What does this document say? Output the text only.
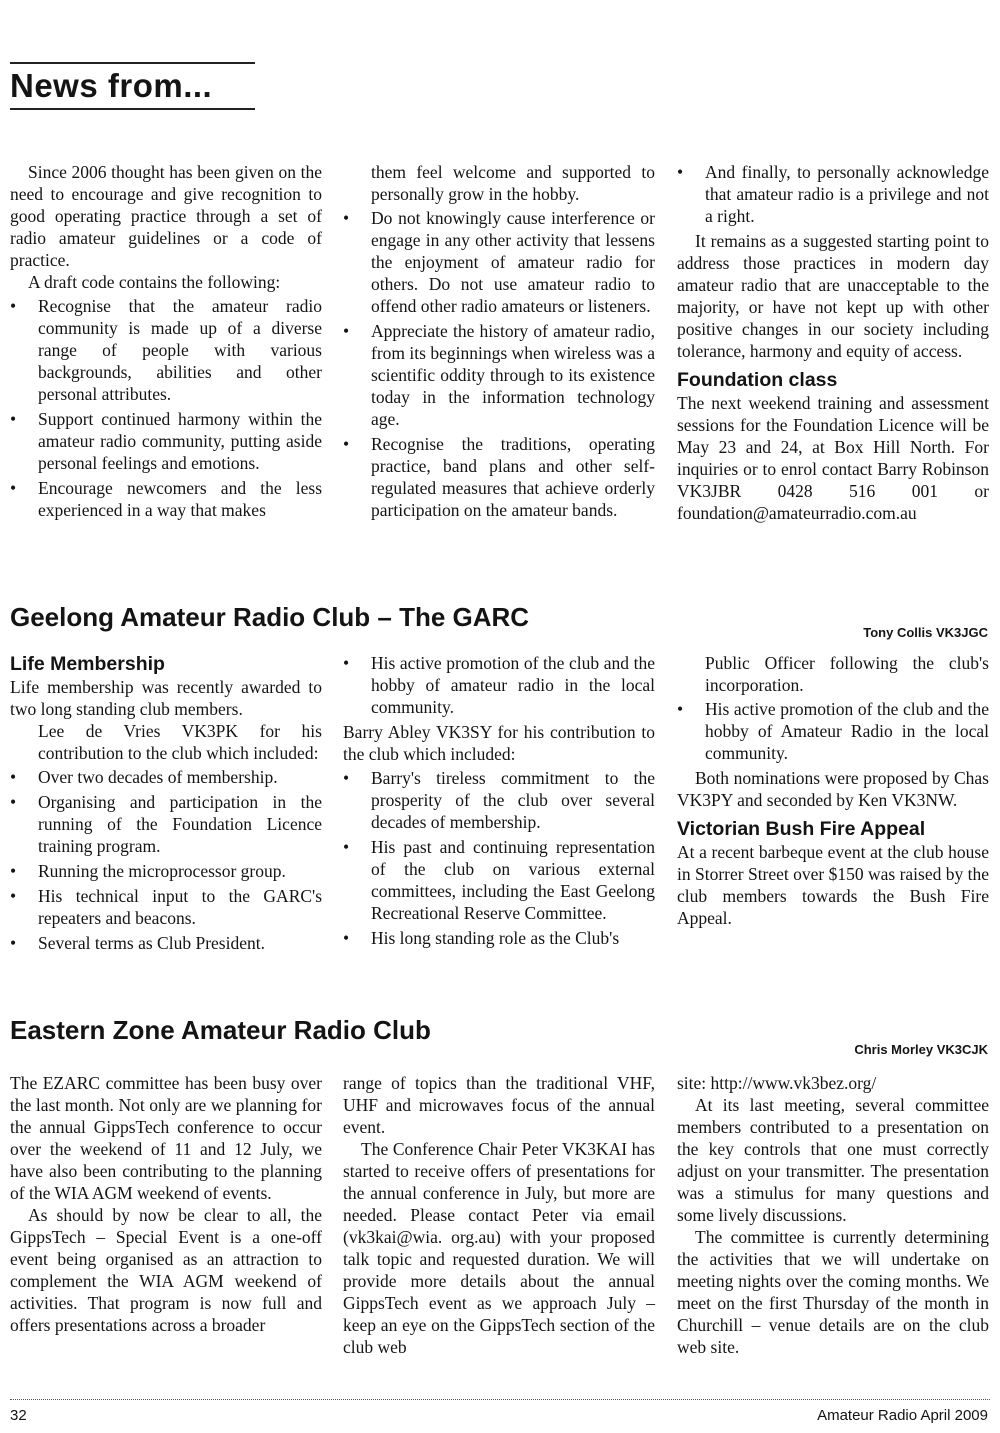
News from...

Since 2006 thought has been given on the need to encourage and give recognition to good operating practice through a set of radio amateur guidelines or a code of practice.

A draft code contains the following:

• Recognise that the amateur radio community is made up of a diverse range of people with various backgrounds, abilities and other personal attributes.
• Support continued harmony within the amateur radio community, putting aside personal feelings and emotions.
• Encourage newcomers and the less experienced in a way that makes

them feel welcome and supported to personally grow in the hobby.

• Do not knowingly cause interference or engage in any other activity that lessens the enjoyment of amateur radio for others. Do not use amateur radio to offend other radio amateurs or listeners.
• Appreciate the history of amateur radio, from its beginnings when wireless was a scientific oddity through to its existence today in the information technology age.
• Recognise the traditions, operating practice, band plans and other self-regulated measures that achieve orderly participation on the amateur bands.
• And finally, to personally acknowledge that amateur radio is a privilege and not a right.

It remains as a suggested starting point to address those practices in modern day amateur radio that are unacceptable to the majority, or have not kept up with other positive changes in our society including tolerance, harmony and equity of access.

Foundation class

The next weekend training and assessment sessions for the Foundation Licence will be May 23 and 24, at Box Hill North. For inquiries or to enrol contact Barry Robinson VK3JBR 0428 516 001 or foundation@amateurradio.com.au

Geelong Amateur Radio Club – The GARC
Tony Collis VK3JGC
Life Membership

Life membership was recently awarded to two long standing club members.

Lee de Vries VK3PK for his contribution to the club which included:

• Over two decades of membership.
• Organising and participation in the running of the Foundation Licence training program.
• Running the microprocessor group.
• His technical input to the GARC's repeaters and beacons.
• Several terms as Club President.
• His active promotion of the club and the hobby of amateur radio in the local community.

Barry Abley VK3SY for his contribution to the club which included:

• Barry's tireless commitment to the prosperity of the club over several decades of membership.
• His past and continuing representation of the club on various external committees, including the East Geelong Recreational Reserve Committee.
• His long standing role as the Club's

Public Officer following the club's incorporation.

• His active promotion of the club and the hobby of Amateur Radio in the local community.

Both nominations were proposed by Chas VK3PY and seconded by Ken VK3NW.

Victorian Bush Fire Appeal

At a recent barbeque event at the club house in Storrer Street over $150 was raised by the club members towards the Bush Fire Appeal.

Eastern Zone Amateur Radio Club
Chris Morley VK3CJK

The EZARC committee has been busy over the last month. Not only are we planning for the annual GippsTech conference to occur over the weekend of 11 and 12 July, we have also been contributing to the planning of the WIA AGM weekend of events.

As should by now be clear to all, the GippsTech – Special Event is a one-off event being organised as an attraction to complement the WIA AGM weekend of activities. That program is now full and offers presentations across a broader

range of topics than the traditional VHF, UHF and microwaves focus of the annual event.

The Conference Chair Peter VK3KAI has started to receive offers of presentations for the annual conference in July, but more are needed. Please contact Peter via email (vk3kai@wia. org.au) with your proposed talk topic and requested duration. We will provide more details about the annual GippsTech event as we approach July – keep an eye on the GippsTech section of the club web

site: http://www.vk3bez.org/

At its last meeting, several committee members contributed to a presentation on the key controls that one must correctly adjust on your transmitter. The presentation was a stimulus for many questions and some lively discussions.

The committee is currently determining the activities that we will undertake on meeting nights over the coming months. We meet on the first Thursday of the month in Churchill – venue details are on the club web site.

32	Amateur Radio April 2009
